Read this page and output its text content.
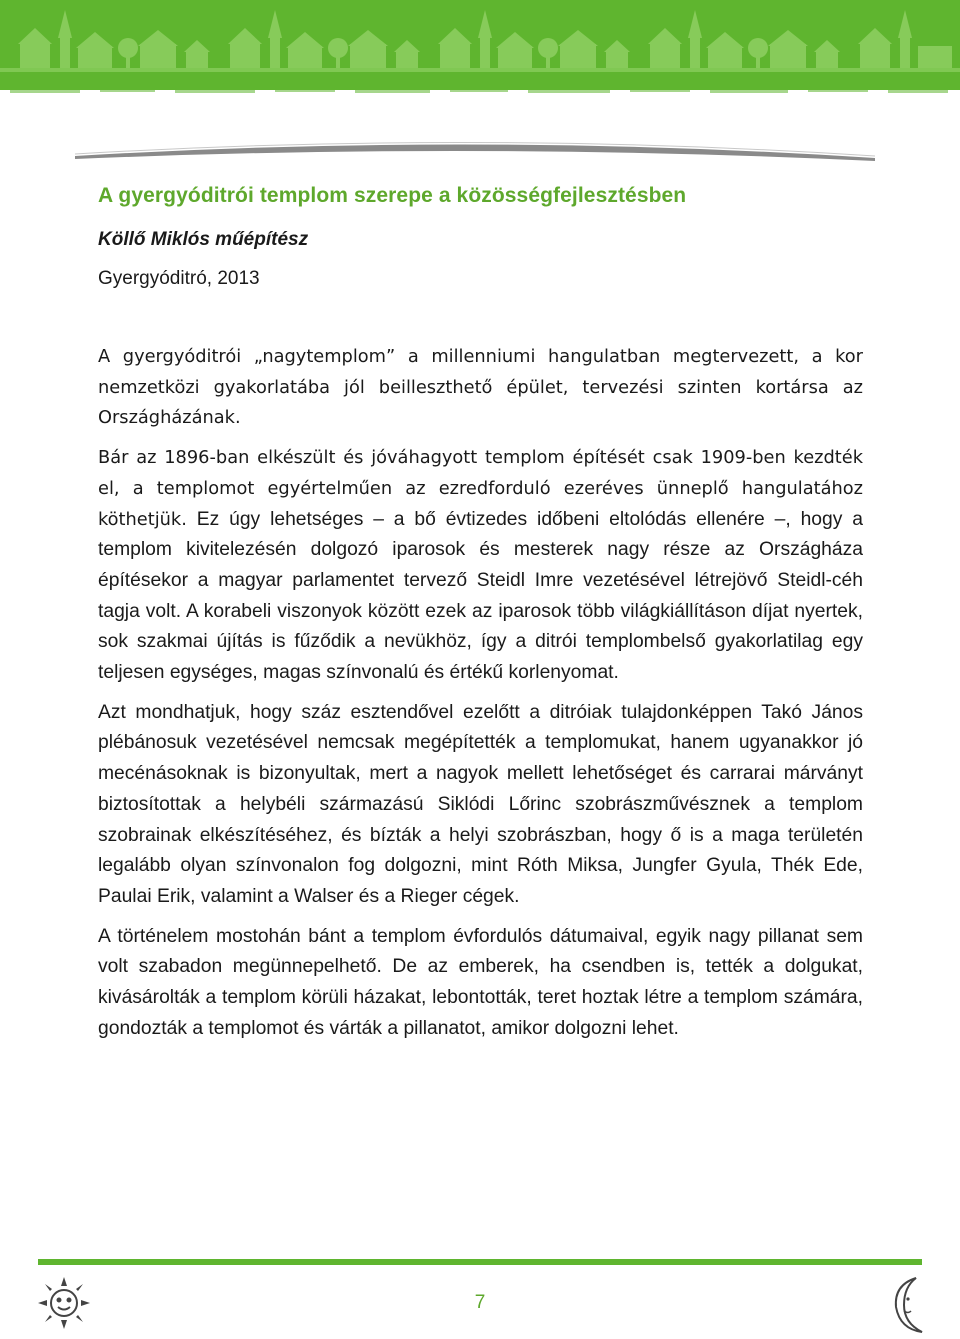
A gyergyóditrói templom szerepe a közösségfejlesztésben

Köllő Miklós műépítész

Gyergyóditró, 2013

A gyergyóditrói „nagytemplom” a millenniumi hangulatban megtervezett, a kor nemzetközi gyakorlatába jól beilleszthető épület, tervezési szinten kortársa az Országházának.

Bár az 1896-ban elkészült és jóváhagyott templom építését csak 1909-ben kezdték el, a templomot egyértelműen az ezredforduló ezeréves ünneplő hangulatához köthetjük. Ez úgy lehetséges – a bő évtizedes időbeni eltolódás ellenére –, hogy a templom kivitelezésén dolgozó iparosok és mesterek nagy része az Országháza építésekor a magyar parlamentet tervező Steidl Imre vezetésével létrejövő Steidl-céh tagja volt. A korabeli viszonyok között ezek az iparosok több világkiállításon díjat nyertek, sok szakmai újítás is fűződik a nevükhöz, így a ditrói templombelső gyakorlatilag egy teljesen egységes, magas színvonalú és értékű korlenyomat.

Azt mondhatjuk, hogy száz esztendővel ezelőtt a ditróiak tulajdonképpen Takó János plébánosuk vezetésével nemcsak megépítették a templomukat, hanem ugyanakkor jó mecénásoknak is bizonyultak, mert a nagyok mellett lehetőséget és carrarai márványt biztosítottak a helybéli származású Siklódi Lőrinc szobrászművésznek a templom szobrainak elkészítéséhez, és bízták a helyi szobrászban, hogy ő is a maga területén legalább olyan színvonalon fog dolgozni, mint Róth Miksa, Jungfer Gyula, Thék Ede, Paulai Erik, valamint a Walser és a Rieger cégek.

A történelem mostohán bánt a templom évfordulós dátumaival, egyik nagy pillanat sem volt szabadon megünnepelhető. De az emberek, ha csendben is, tették a dolgukat, kivásárolták a templom körüli házakat, lebontották, teret hoztak létre a templom számára, gondozták a templomot és várták a pillanatot, amikor dolgozni lehet.

7
